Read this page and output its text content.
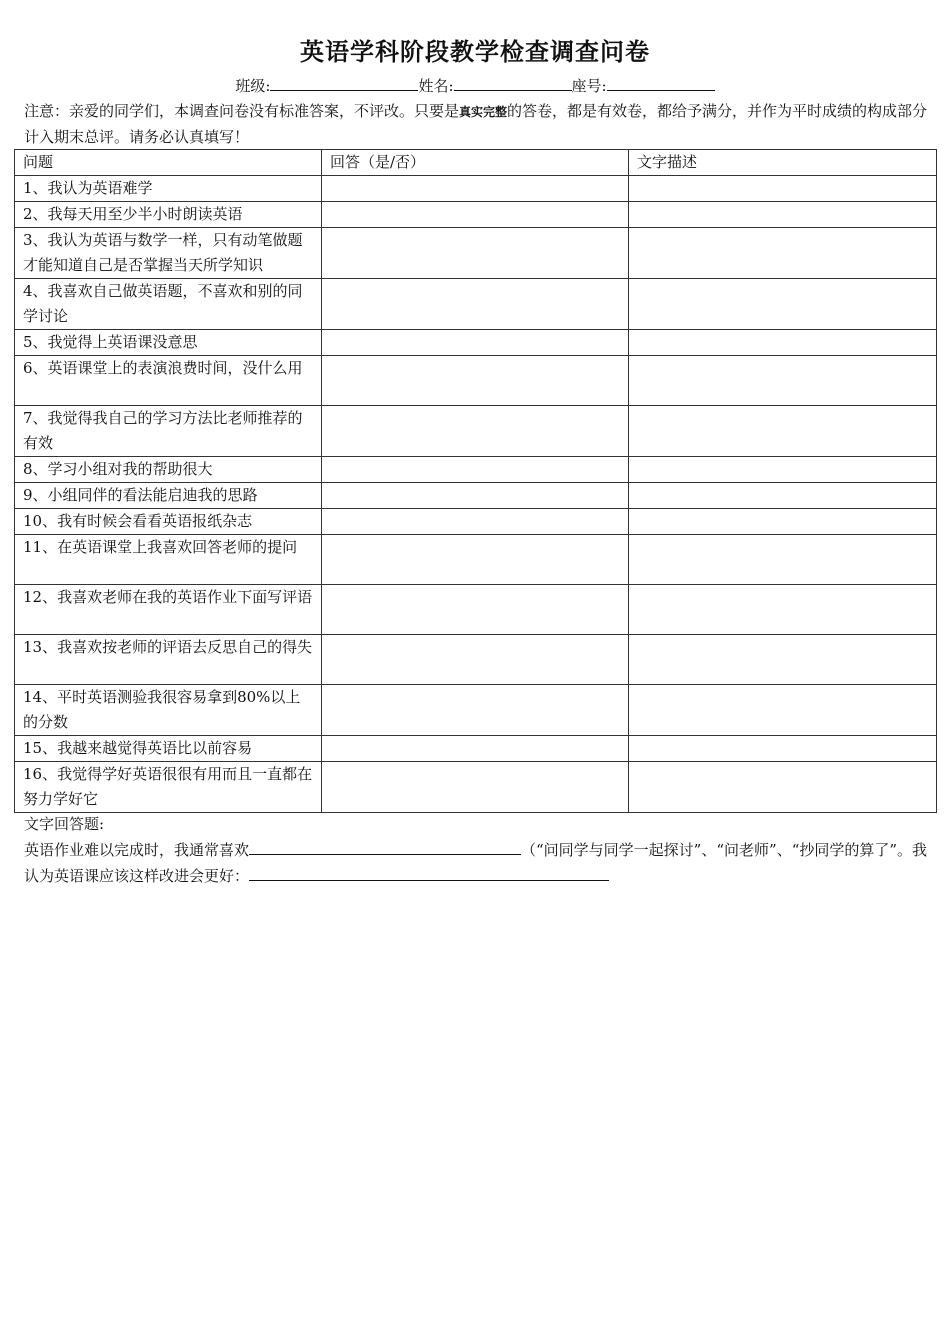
英语学科阶段教学检查调查问卷
班级:	姓名:	座号:
注意：亲爱的同学们，本调查问卷没有标准答案，不评改。只要是真实完整的答卷，都是有效卷，都给予满分，并作为平时成绩的构成部分计入期末总评。请务必认真填写！
问题	回答（是/否）	文字描述
1、我认为英语难学		
2、我每天用至少半小时朗读英语		
3、我认为英语与数学一样，只有动笔做题才能知道自己是否掌握当天所学知识		
4、我喜欢自己做英语题，不喜欢和别的同学讨论		
5、我觉得上英语课没意思		
6、英语课堂上的表演浪费时间，没什么用		
7、我觉得我自己的学习方法比老师推荐的有效		
8、学习小组对我的帮助很大		
9、小组同伴的看法能启迪我的思路		
10、我有时候会看看英语报纸杂志		
11、在英语课堂上我喜欢回答老师的提问		
12、我喜欢老师在我的英语作业下面写评语		
13、我喜欢按老师的评语去反思自己的得失		
14、平时英语测验我很容易拿到80%以上的分数		
15、我越来越觉得英语比以前容易		
16、我觉得学好英语很很有用而且一直都在努力学好它		
文字回答题:
英语作业难以完成时，我通常喜欢	（“问同学与同学一起探讨”、“问老师”、“抄同学的算了”。我认为英语课应该这样改进会更好：
